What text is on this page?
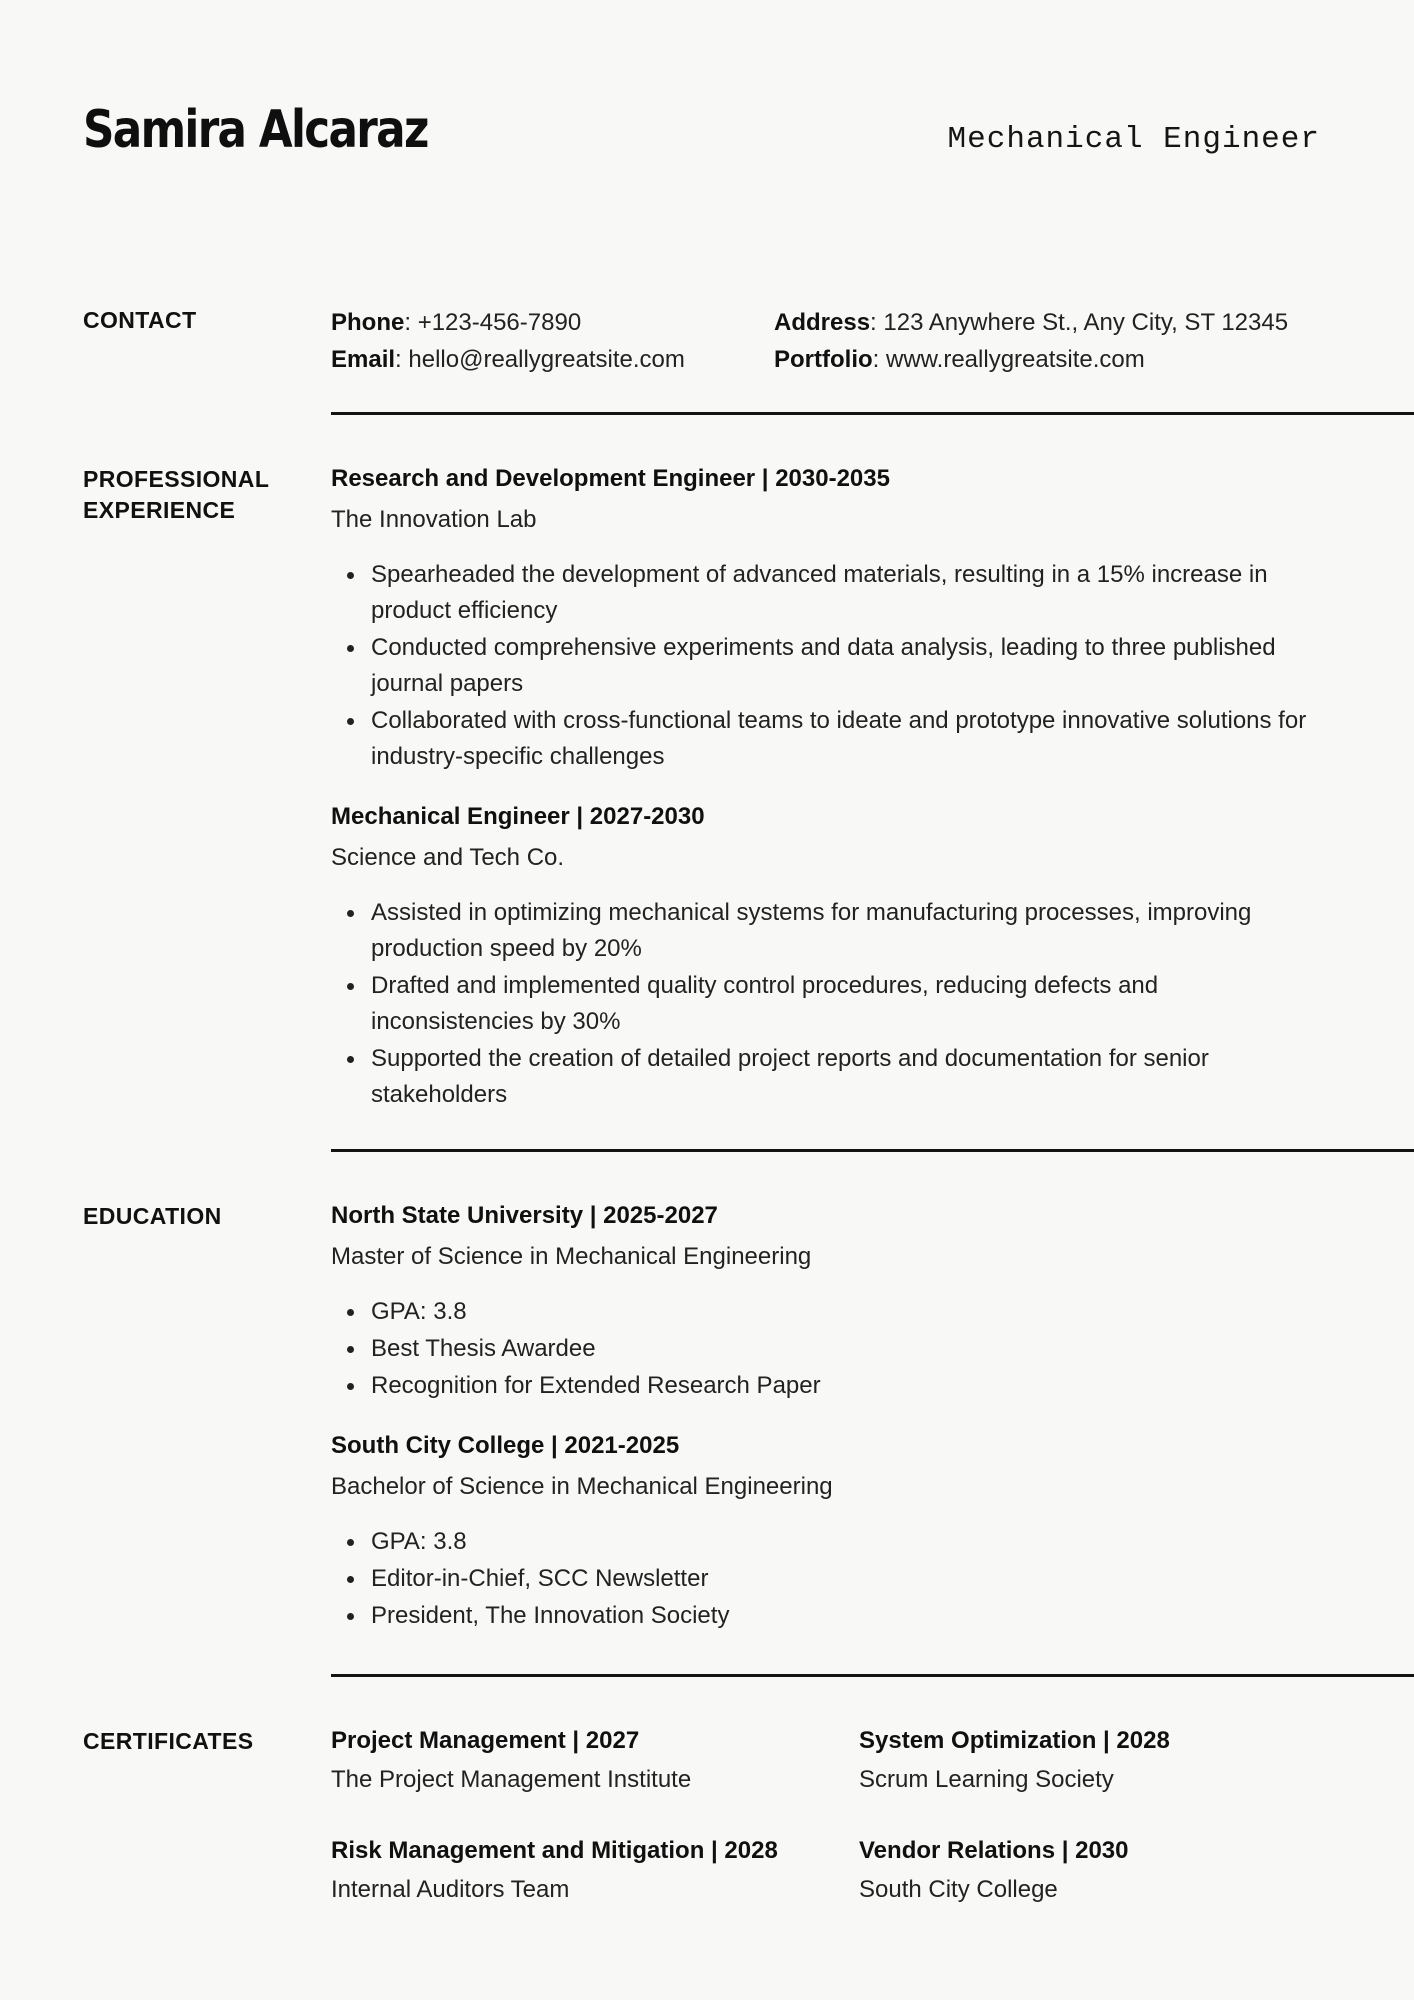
Samira Alcaraz	Mechanical Engineer
CONTACT	Phone : +123-456-7890
Email : hello@reallygreatsite.com
Address : 123 Anywhere St., Any City, ST 12345
Portfolio : www.reallygreatsite.com
PROFESSIONAL EXPERIENCE
Research and Development Engineer | 2030-2035
The Innovation Lab
Spearheaded the development of advanced materials, resulting in a 15% increase in product efficiency
Conducted comprehensive experiments and data analysis, leading to three published journal papers
Collaborated with cross-functional teams to ideate and prototype innovative solutions for industry-specific challenges
Mechanical Engineer | 2027-2030
Science and Tech Co.
Assisted in optimizing mechanical systems for manufacturing processes, improving production speed by 20%
Drafted and implemented quality control procedures, reducing defects and inconsistencies by 30%
Supported the creation of detailed project reports and documentation for senior stakeholders
EDUCATION	North State University | 2025-2027
Master of Science in Mechanical Engineering
GPA: 3.8
Best Thesis Awardee
Recognition for Extended Research Paper
South City College | 2021-2025
Bachelor of Science in Mechanical Engineering
GPA: 3.8
Editor-in-Chief, SCC Newsletter
President, The Innovation Society
CERTIFICATES	Project Management | 2027
The Project Management Institute
System Optimization | 2028
Scrum Learning Society
Risk Management and Mitigation | 2028
Internal Auditors Team
Vendor Relations | 2030
South City College
